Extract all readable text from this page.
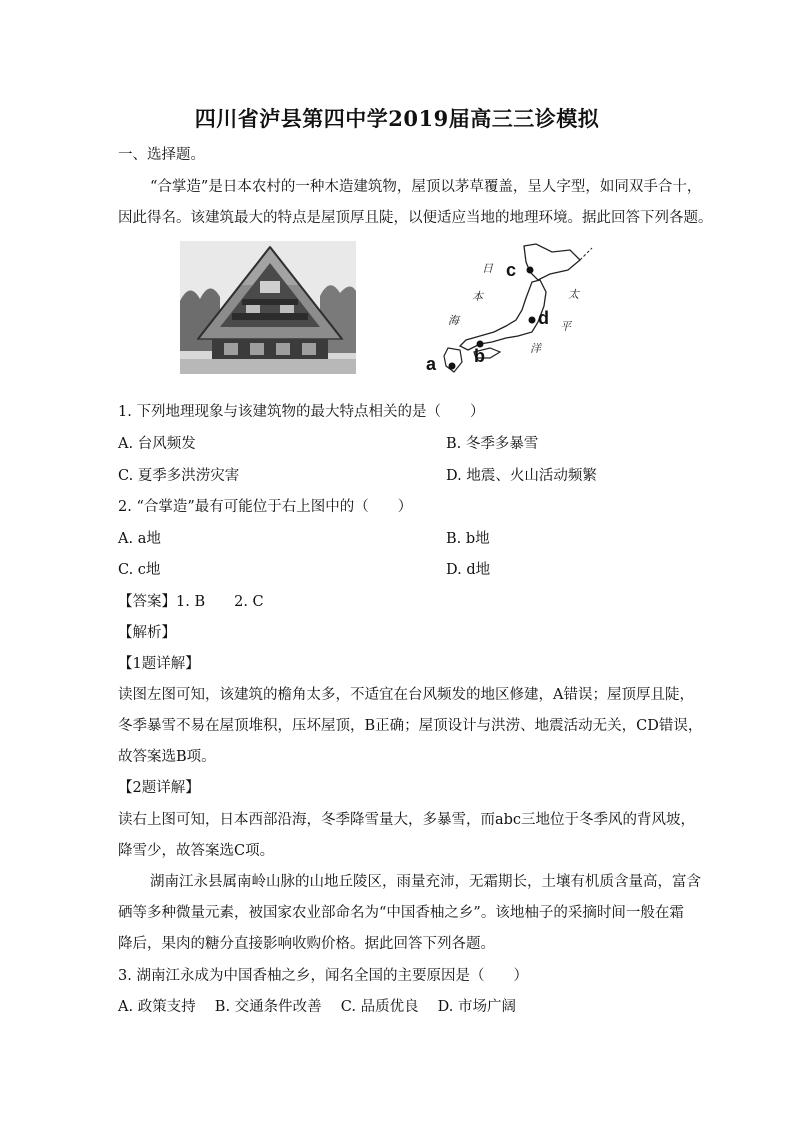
四川省泸县第四中学2019届高三三诊模拟
一、选择题。
“合掌造”是日本农村的一种木造建筑物，屋顶以茅草覆盖，呈人字型，如同双手合十，
因此得名。该建筑最大的特点是屋顶厚且陡，以便适应当地的地理环境。据此回答下列各题。
c
d
b
a
日
本
海
太
平
洋
1. 下列地理现象与该建筑物的最大特点相关的是（　　）
A. 台风频发	B. 冬季多暴雪
C. 夏季多洪涝灾害	D. 地震、火山活动频繁
2. “合掌造”最有可能位于右上图中的（　　）
A. a地	B. b地
C. c地	D. d地
【答案】1. B　　2. C
【解析】
【1题详解】
读图左图可知，该建筑的檐角太多，不适宜在台风频发的地区修建，A错误；屋顶厚且陡，
冬季暴雪不易在屋顶堆积，压坏屋顶，B正确；屋顶设计与洪涝、地震活动无关，CD错误，
故答案选B项。
【2题详解】
读右上图可知，日本西部沿海，冬季降雪量大，多暴雪，而abc三地位于冬季风的背风坡，
降雪少，故答案选C项。
湖南江永县属南岭山脉的山地丘陵区，雨量充沛，无霜期长，土壤有机质含量高，富含
硒等多种微量元素，被国家农业部命名为“中国香柚之乡”。该地柚子的采摘时间一般在霜
降后，果肉的糖分直接影响收购价格。据此回答下列各题。
3. 湖南江永成为中国香柚之乡，闻名全国的主要原因是（　　）
A. 政策支持　 B. 交通条件改善　 C. 品质优良　 D. 市场广阔
